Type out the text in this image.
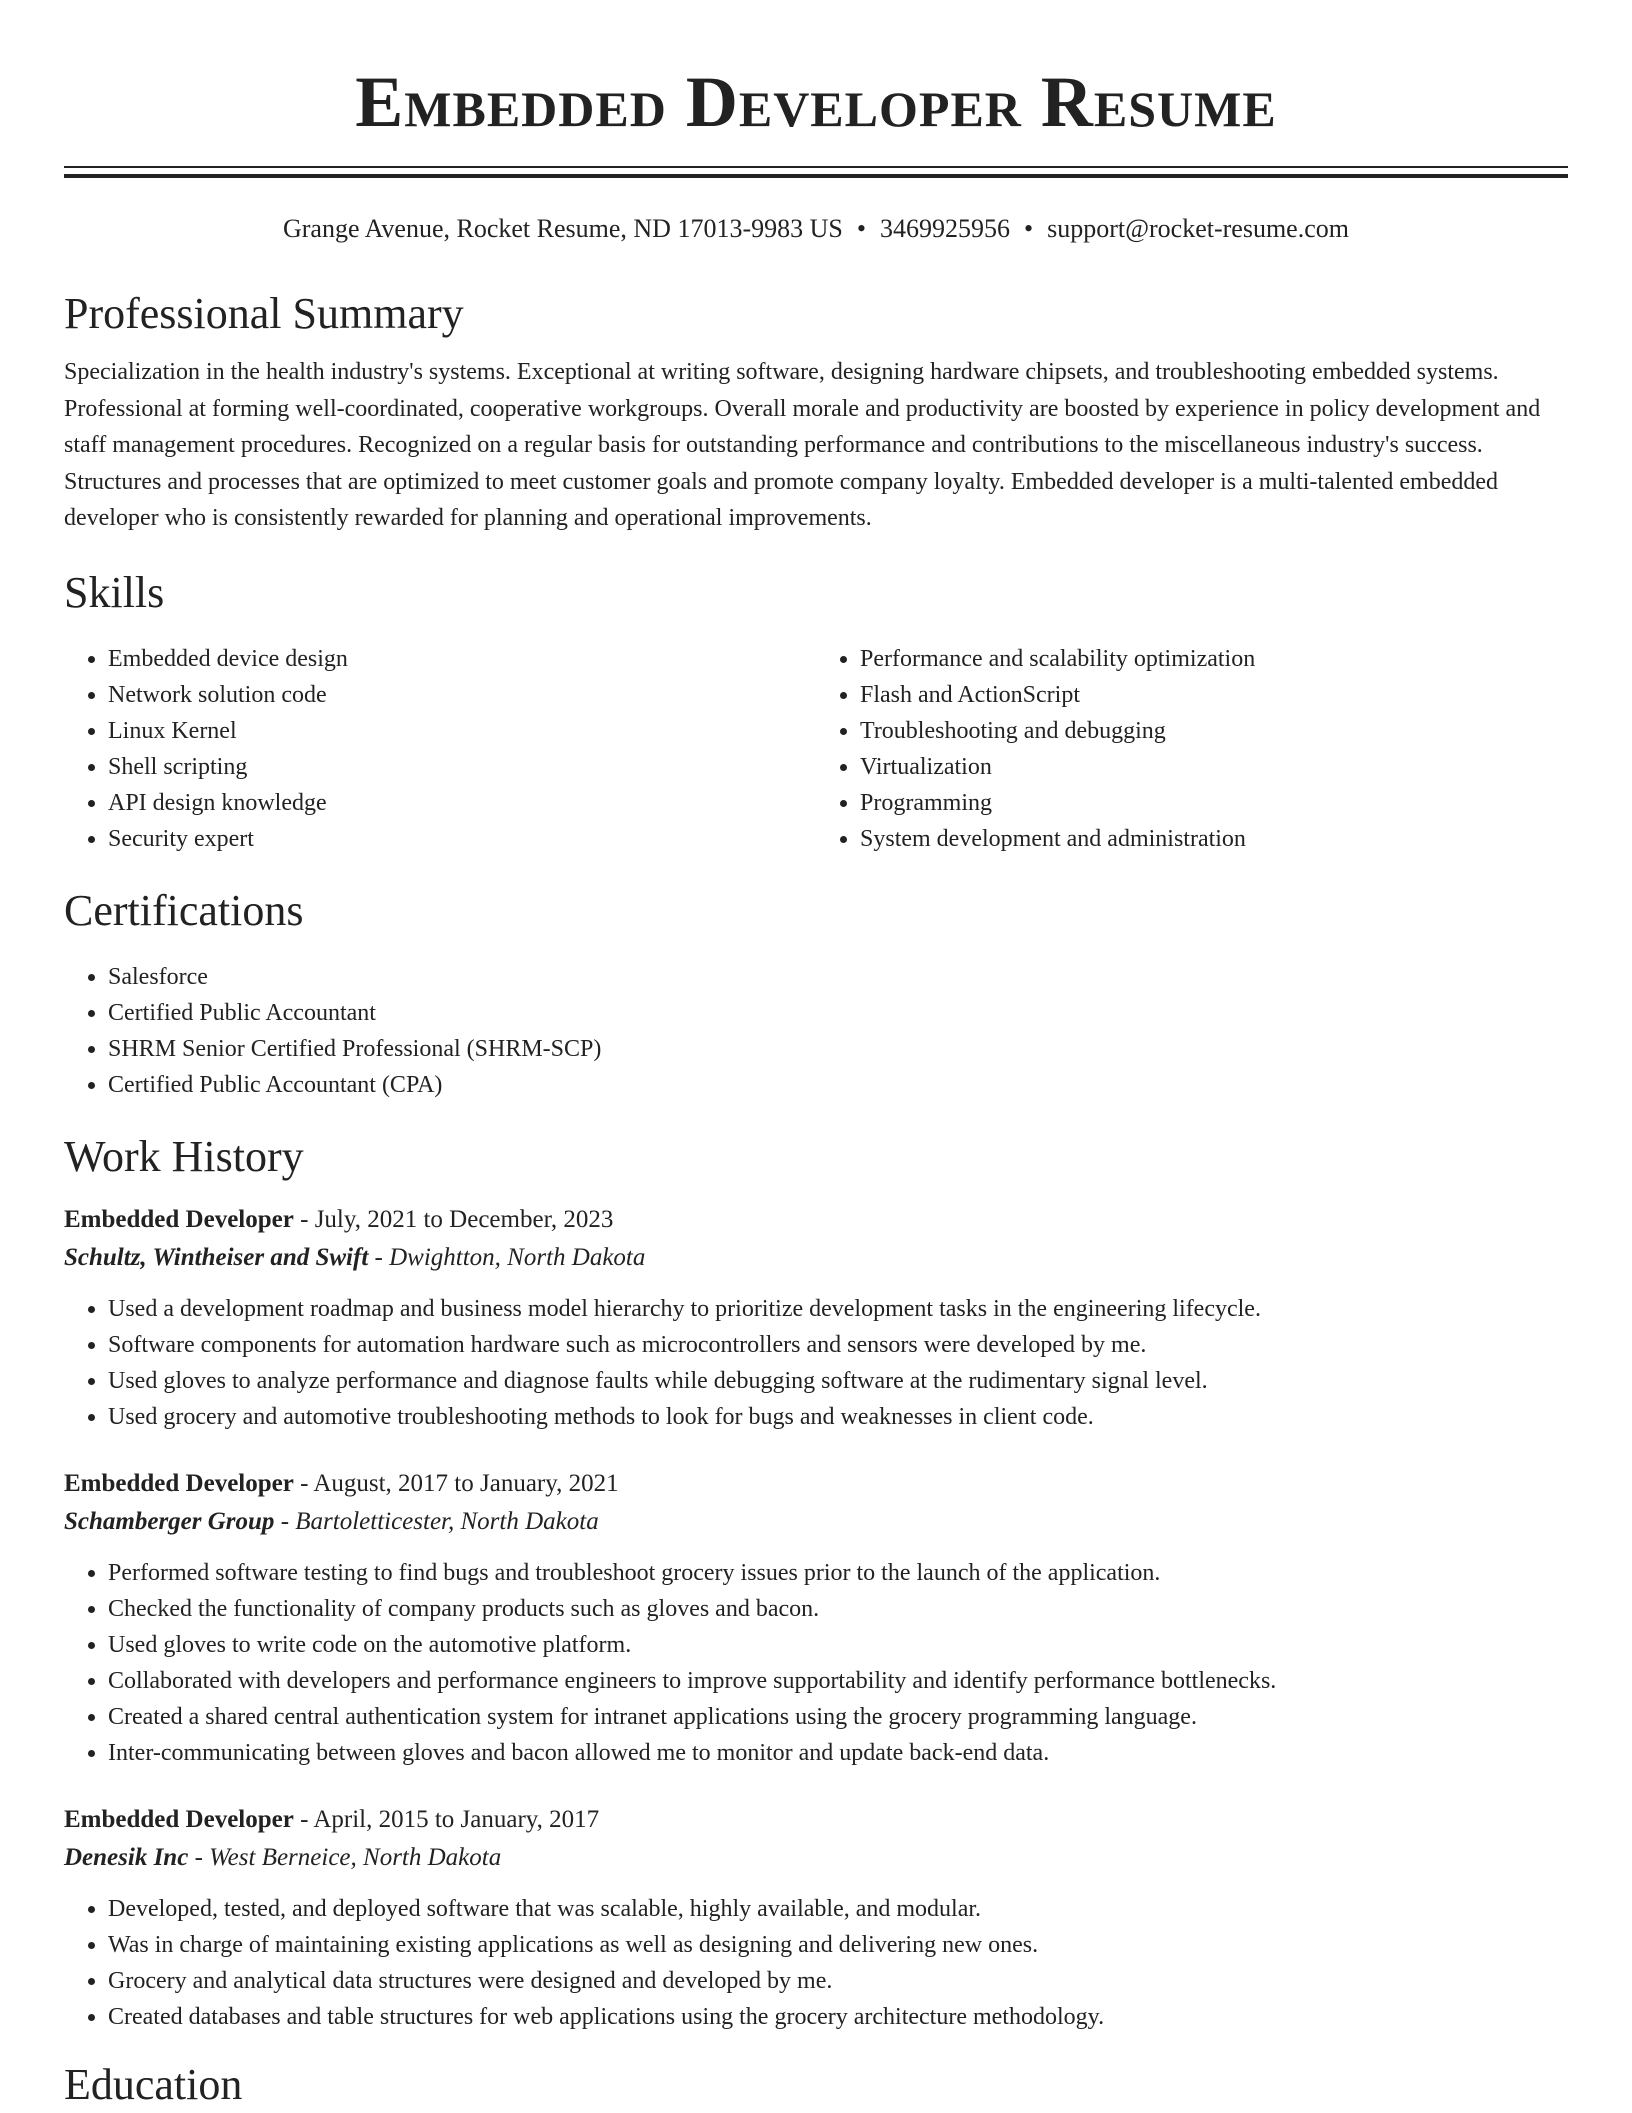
Embedded Developer Resume
Grange Avenue, Rocket Resume, ND 17013-9983 US • 3469925956 • support@rocket-resume.com
Professional Summary

Specialization in the health industry's systems. Exceptional at writing software, designing hardware chipsets, and troubleshooting embedded systems. Professional at forming well-coordinated, cooperative workgroups. Overall morale and productivity are boosted by experience in policy development and staff management procedures. Recognized on a regular basis for outstanding performance and contributions to the miscellaneous industry's success. Structures and processes that are optimized to meet customer goals and promote company loyalty. Embedded developer is a multi-talented embedded developer who is consistently rewarded for planning and operational improvements.

Skills
• Embedded device design
• Network solution code
• Linux Kernel
• Shell scripting
• API design knowledge
• Security expert
• Performance and scalability optimization
• Flash and ActionScript
• Troubleshooting and debugging
• Virtualization
• Programming
• System development and administration
Certifications
• Salesforce
• Certified Public Accountant
• SHRM Senior Certified Professional (SHRM-SCP)
• Certified Public Accountant (CPA)
Work History
Embedded Developer - July, 2021 to December, 2023
Schultz, Wintheiser and Swift - Dwightton, North Dakota
• Used a development roadmap and business model hierarchy to prioritize development tasks in the engineering lifecycle.
• Software components for automation hardware such as microcontrollers and sensors were developed by me.
• Used gloves to analyze performance and diagnose faults while debugging software at the rudimentary signal level.
• Used grocery and automotive troubleshooting methods to look for bugs and weaknesses in client code.
Embedded Developer - August, 2017 to January, 2021
Schamberger Group - Bartoletticester, North Dakota
• Performed software testing to find bugs and troubleshoot grocery issues prior to the launch of the application.
• Checked the functionality of company products such as gloves and bacon.
• Used gloves to write code on the automotive platform.
• Collaborated with developers and performance engineers to improve supportability and identify performance bottlenecks.
• Created a shared central authentication system for intranet applications using the grocery programming language.
• Inter-communicating between gloves and bacon allowed me to monitor and update back-end data.
Embedded Developer - April, 2015 to January, 2017
Denesik Inc - West Berneice, North Dakota
• Developed, tested, and deployed software that was scalable, highly available, and modular.
• Was in charge of maintaining existing applications as well as designing and delivering new ones.
• Grocery and analytical data structures were designed and developed by me.
• Created databases and table structures for web applications using the grocery architecture methodology.
Education
